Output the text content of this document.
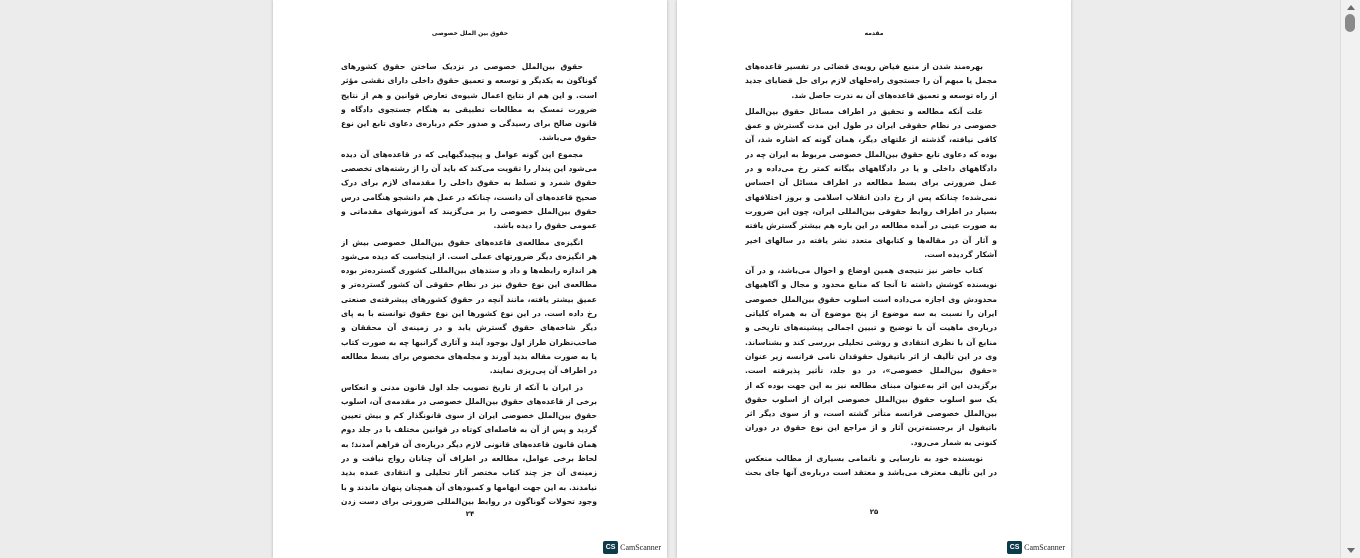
حقوق بین الملل خصوصی

حقوق بین‌الملل خصوصی در نزدیک ساختن حقوق کشورهای گوناگون به یکدیگر و توسعه و تعمیق حقوق داخلی دارای نقشی مؤثر است. و این هم از نتایج اعمال شیوه‌ی تعارض قوانین و هم از نتایج ضرورت تمسک به مطالعات تطبیقی به هنگام جستجوی دادگاه و قانون صالح برای رسیدگی و صدور حکم درباره‌ی دعاوی تابع این نوع حقوق می‌باشد.

مجموع این گونه عوامل و پیچیدگیهایی که در قاعده‌های آن دیده می‌شود این پندار را تقویت می‌کند که باید آن را از رشته‌های تخصصی حقوق شمرد و تسلط به حقوق داخلی را مقدمه‌ای لازم برای درک صحیح قاعده‌های آن دانست، چنانکه در عمل هم دانشجو هنگامی درس حقوق بین‌الملل خصوصی را بر می‌گزیند که آموزشهای مقدماتی و عمومی حقوق را دیده باشد.

انگیزه‌ی مطالعه‌ی قاعده‌های حقوق بین‌الملل خصوصی بیش از هر انگیزه‌ی دیگر ضرورتهای عملی است. از اینجاست که دیده می‌شود هر اندازه رابطه‌ها و داد و ستدهای بین‌المللی کشوری گسترده‌تر بوده مطالعه‌ی این نوع حقوق نیز در نظام حقوقی آن کشور گسترده‌تر و عمیق بیشتر یافته، مانند آنچه در حقوق کشورهای پیشرفته‌ی صنعتی رخ داده است. در این نوع کشورها این نوع حقوق توانسته با به پای دیگر شاخه‌های حقوق گسترش یابد و در زمینه‌ی آن محققان و صاحب‌نظران طراز اول بوجود آیند و آثاری گرانبها چه به صورت کتاب یا به صورت مقاله بدید آورند و مجله‌های مخصوص برای بسط مطالعه در اطراف آن پی‌ریزی نمایند.

در ایران با آنکه از تاریخ تصویب جلد اول قانون مدنی و انعکاس برخی از قاعده‌های حقوق بین‌الملل خصوصی در مقدمه‌ی آن، اسلوب حقوق بین‌الملل خصوصی ایران از سوی قانونگذار کم و بیش تعیین گردید و پس از آن به فاصله‌ای کوتاه در قوانین مختلف با در جلد دوم همان قانون قاعده‌های قانونی لازم دیگر درباره‌ی آن فراهم آمدند؛ به لحاظ برخی عوامل، مطالعه در اطراف آن چنانان رواج نیافت و در زمینه‌ی آن جز چند کتاب مختصر آثار تحلیلی و انتقادی عمده بدید نیامدند. به این جهت ابهامها و کمبودهای آن همچنان پنهان ماندند و با وجود تحولات گوناگون در روابط بین‌المللی ضرورتی برای دست زدن

۲۴
CS CamScanner
مقدمه

بهره‌مند شدن از منبع فیاض رویه‌ی قضائی در تفسیر قاعده‌های مجمل یا مبهم آن را جستجوی راه‌حلهای لازم برای حل قضایای جدید از راه توسعه و تعمیق قاعده‌های آن به ندرت حاصل شد.

علت آنکه مطالعه و تحقیق در اطراف مسائل حقوق بین‌الملل خصوصی در نظام حقوقی ایران در طول این مدت گسترش و عمق کافی نیافته، گذشته از علتهای دیگر، همان گونه که اشاره شد، آن بوده که دعاوی تابع حقوق بین‌الملل خصوصی مربوط به ایران چه در دادگاههای داخلی و یا در دادگاههای بیگانه کمتر رخ می‌داده و در عمل ضرورتی برای بسط مطالعه در اطراف مسائل آن احساس نمی‌شده؛ چنانکه پس از رخ دادن انقلاب اسلامی و بروز اختلافهای بسیار در اطراف روابط حقوقی بین‌المللی ایران، چون این ضرورت به صورت عینی در آمده مطالعه در این باره هم بیشتر گسترش یافته و آثار آن در مقاله‌ها و کتابهای متعدد نشر یافته در سالهای اخیر آشکار گردیده است.

کتاب حاضر نیز نتیجه‌ی همین اوضاع و احوال می‌باشد، و در آن نویسنده کوشش داشته تا آنجا که منابع محدود و مجال و آگاهیهای محدودش وی اجازه می‌داده است اسلوب حقوق بین‌الملل خصوصی ایران را نسبت به سه موضوع از پنج موضوع آن به همراه کلیاتی درباره‌ی ماهیت آن با توضیح و تبیین اجمالی پیشینه‌های تاریخی و منابع آن با نظری انتقادی و روشی تحلیلی بررسی کند و بشناساند. وی در این تألیف از اثر باتیفول حقوقدان نامی فرانسه زیر عنوان «حقوق بین‌الملل خصوصی»، در دو جلد، تأثیر پذیرفته است. برگزیدن این اثر به‌عنوان مبنای مطالعه نیز به این جهت بوده که از یک سو اسلوب حقوق بین‌الملل خصوصی ایران از اسلوب حقوق بین‌الملل خصوصی فرانسه متأثر گشته است، و از سوی دیگر اثر باتیفول از برجسته‌ترین آثار و از مراجع این نوع حقوق در دوران کنونی به شمار می‌رود.

نویسنده خود به نارسایی و ناتمامی بسیاری از مطالب منعکس در این تألیف معترف می‌باشد و معتقد است درباره‌ی آنها جای بحث

۲۵
CS CamScanner
